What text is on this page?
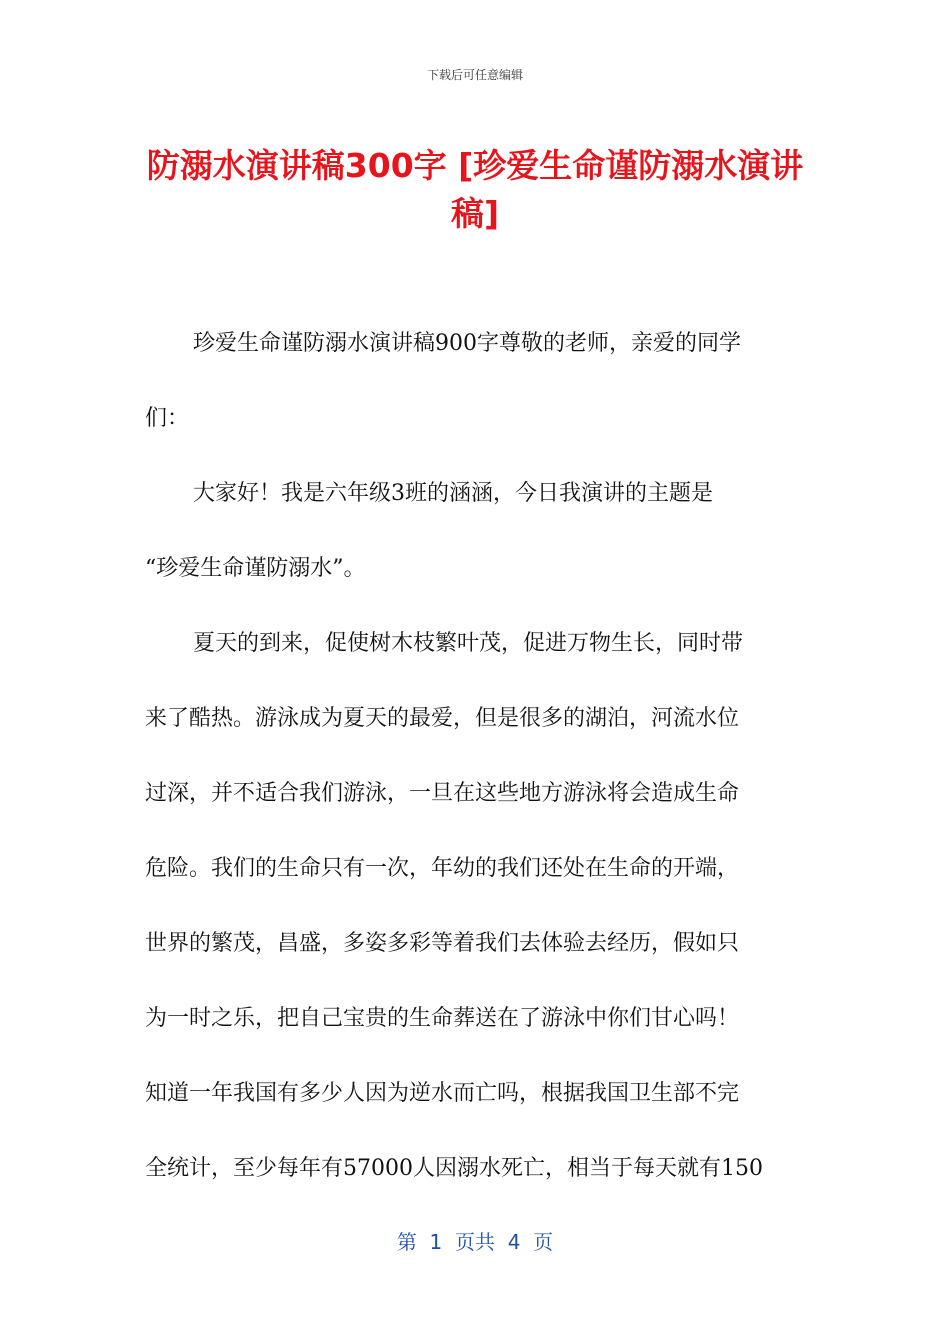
下载后可任意编辑
防溺水演讲稿300字 [珍爱生命谨防溺水演讲稿]
珍爱生命谨防溺水演讲稿900字尊敬的老师，亲爱的同学
们：
大家好！我是六年级3班的涵涵，今日我演讲的主题是
“珍爱生命谨防溺水”。
夏天的到来，促使树木枝繁叶茂，促进万物生长，同时带
来了酷热。游泳成为夏天的最爱，但是很多的湖泊，河流水位
过深，并不适合我们游泳，一旦在这些地方游泳将会造成生命
危险。我们的生命只有一次，年幼的我们还处在生命的开端，
世界的繁茂，昌盛，多姿多彩等着我们去体验去经历，假如只
为一时之乐，把自己宝贵的生命葬送在了游泳中你们甘心吗！
知道一年我国有多少人因为逆水而亡吗，根据我国卫生部不完
全统计，至少每年有57000人因溺水死亡，相当于每天就有150
第  1  页共  4  页
